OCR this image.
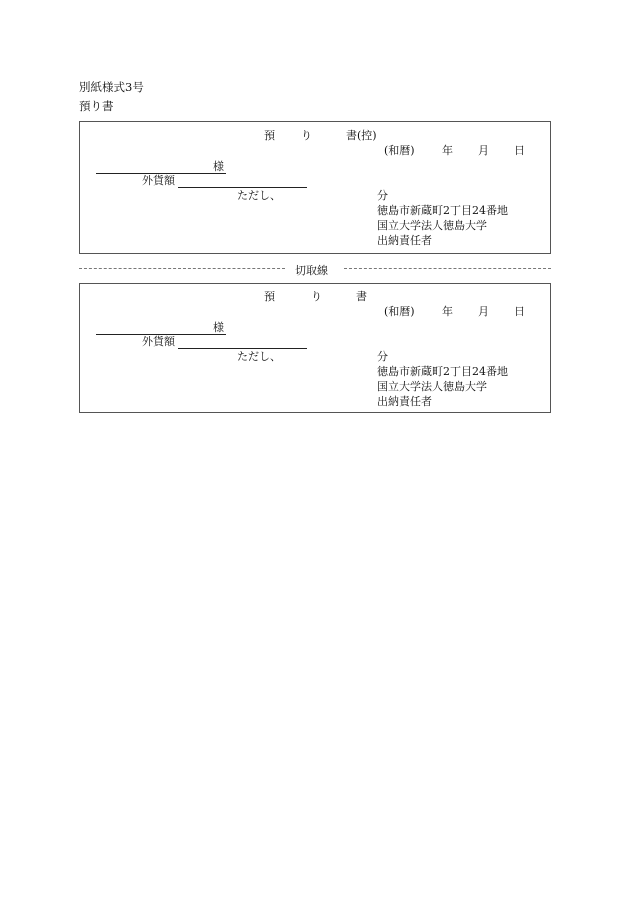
別紙様式3号
預り書
預 り	書(控)
(和暦) 年 月 日
様
外貨額
ただし、	分
徳島市新蔵町2丁目24番地
国立大学法人徳島大学
出納責任者
切取線
預	り	書
(和暦) 年 月 日
様
外貨額
ただし、	分
徳島市新蔵町2丁目24番地
国立大学法人徳島大学
出納責任者
